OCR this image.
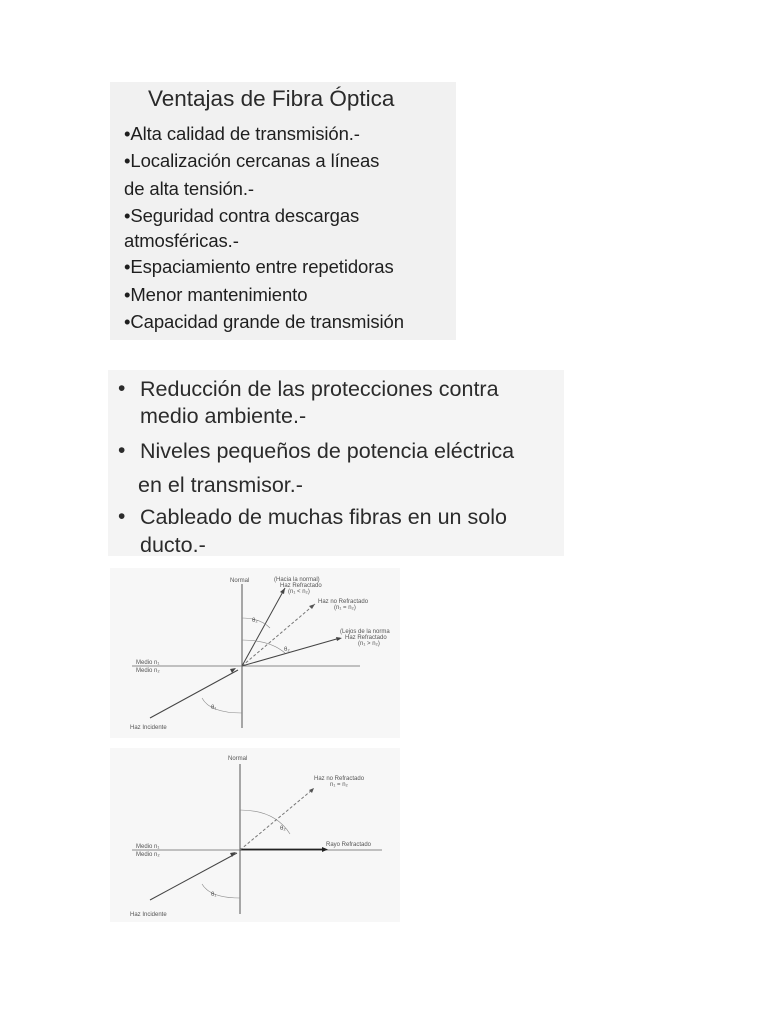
Ventajas de Fibra Óptica
•Alta calidad de transmisión.-
•Localización cercanas a líneas
de alta tensión.-
•Seguridad contra descargas
atmosféricas.-
•Espaciamiento entre repetidoras
•Menor mantenimiento
•Capacidad grande de transmisión
• Reducción de las protecciones contra
medio ambiente.-
• Niveles pequeños de potencia eléctrica
en el transmisor.-
• Cableado de muchas fibras en un solo
ducto.-
Normal	(Hacia la normal)
Haz Refractado
(n₁ < n₂)
Haz no Refractado
(n₁ = n₂)
(Lejos de la norma
Haz Refractado
(n₁ > n₂)
Medio n₁
Medio n₂
Haz Incidente
θ₂
θ₂
θ₁
Normal
Haz no Refractado
n₁ = n₂
Rayo Refractado
Medio n₁
Medio n₂
Haz Incidente
θ₂
θ₁
